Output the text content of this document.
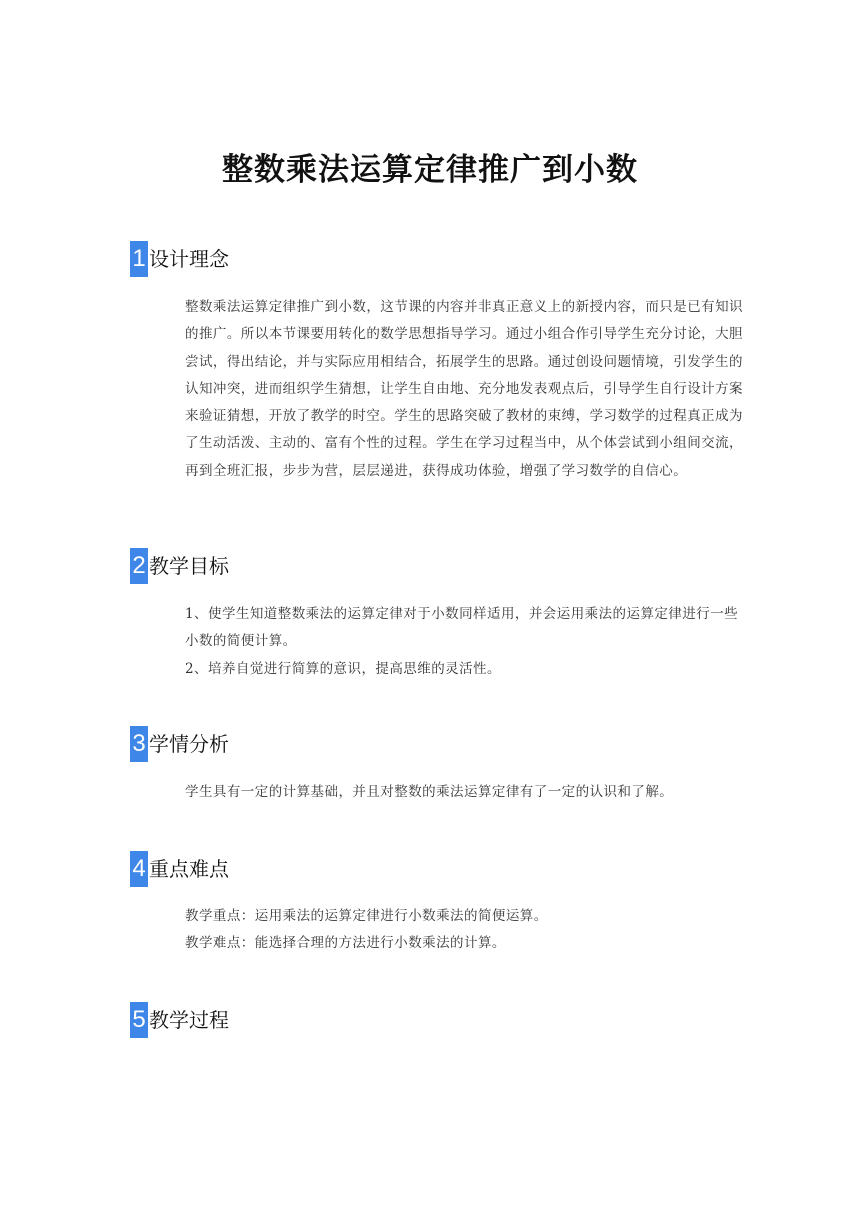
整数乘法运算定律推广到小数
1 设计理念

整数乘法运算定律推广到小数，这节课的内容并非真正意义上的新授内容，而只是已有知识的推广。所以本节课要用转化的数学思想指导学习。通过小组合作引导学生充分讨论，大胆尝试，得出结论，并与实际应用相结合，拓展学生的思路。通过创设问题情境，引发学生的认知冲突，进而组织学生猜想，让学生自由地、充分地发表观点后，引导学生自行设计方案来验证猜想，开放了教学的时空。学生的思路突破了教材的束缚，学习数学的过程真正成为了生动活泼、主动的、富有个性的过程。学生在学习过程当中，从个体尝试到小组间交流，再到全班汇报，步步为营，层层递进，获得成功体验，增强了学习数学的自信心。

2 教学目标

1、使学生知道整数乘法的运算定律对于小数同样适用，并会运用乘法的运算定律进行一些小数的简便计算。

2、培养自觉进行简算的意识，提高思维的灵活性。

3 学情分析

学生具有一定的计算基础，并且对整数的乘法运算定律有了一定的认识和了解。

4 重点难点

教学重点：运用乘法的运算定律进行小数乘法的简便运算。

教学难点：能选择合理的方法进行小数乘法的计算。

5 教学过程
